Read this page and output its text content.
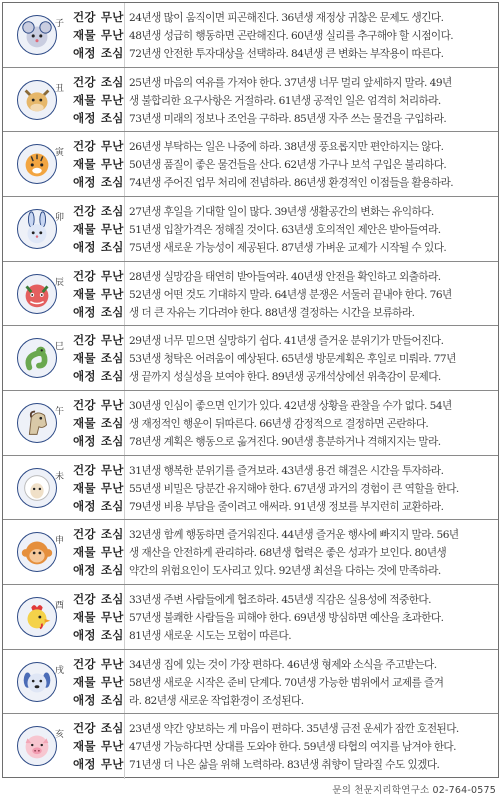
子 건강 무난
재물 무난
애정 조심
24년생 많이 움직이면 피곤해진다. 36년생 재정상 귀찮은 문제도 생긴다.
48년생 성급히 행동하면 곤란해진다. 60년생 실리를 추구해야 할 시점이다.
72년생 안전한 투자대상을 선택하라. 84년생 큰 변화는 부작용이 따른다.
丑 건강 조심
재물 무난
애정 조심
25년생 마음의 여유를 가져야 한다. 37년생 너무 멀리 앞세하지 말라. 49년
생 불합리한 요구사항은 거절하라. 61년생 공적인 일은 엄격히 처리하라.
73년생 미래의 정보나 조언을 구하라. 85년생 자주 쓰는 물건을 구입하라.
寅 건강 무난
재물 무난
애정 조심
26년생 부탁하는 일은 나중에 하라. 38년생 풍요롭지만 편안하지는 않다.
50년생 품질이 좋은 물건들을 산다. 62년생 가구나 보석 구입은 불리하다.
74년생 주어진 업무 처리에 전념하라. 86년생 환경적인 이점들을 활용하라.
卯 건강 조심
재물 무난
애정 조심
27년생 후일을 기대할 일이 많다. 39년생 생활공간의 변화는 유익하다.
51년생 입찰가격은 정해질 것이다. 63년생 호의적인 제안은 받아들여라.
75년생 새로운 가능성이 제공된다. 87년생 가벼운 교제가 시작될 수 있다.
辰 건강 무난
재물 무난
애정 조심
28년생 실망감을 태연히 받아들여라. 40년생 안전을 확인하고 외출하라.
52년생 어떤 것도 기대하지 말라. 64년생 분쟁은 서둘러 끝내야 한다. 76년
생 더 큰 자유는 기다려야 한다. 88년생 결정하는 시간을 보류하라.
巳 건강 무난
재물 조심
애정 조심
29년생 너무 믿으면 실망하기 쉽다. 41년생 즐거운 분위기가 만들어진다.
53년생 청탁은 어려움이 예상된다. 65년생 방문계획은 후일로 미뤄라. 77년
생 끝까지 성실성을 보여야 한다. 89년생 공개석상에선 위축감이 문제다.
午 건강 무난
재물 조심
애정 조심
30년생 인심이 좋으면 인기가 있다. 42년생 상황을 관찰을 수가 없다. 54년
생 재정적인 행운이 뒤따른다. 66년생 감정적으로 결정하면 곤란하다.
78년생 계획은 행동으로 옮겨진다. 90년생 흥분하거나 격해지지는 말라.
未 건강 무난
재물 무난
애정 조심
31년생 행복한 분위기를 즐겨보라. 43년생 용건 해결은 시간을 투자하라.
55년생 비밀은 당분간 유지해야 한다. 67년생 과거의 경험이 큰 역할을 한다.
79년생 비용 부담을 줄이려고 애써라. 91년생 정보를 부지런히 교환하라.
申 건강 조심
재물 무난
애정 조심
32년생 함께 행동하면 즐거워진다. 44년생 즐거운 행사에 빠지지 말라. 56년
생 재산을 안전하게 관리하라. 68년생 협력은 좋은 성과가 보인다. 80년생
약간의 위험요인이 도사리고 있다. 92년생 최선을 다하는 것에 만족하라.
酉 건강 조심
재물 무난
애정 조심
33년생 주변 사람들에게 협조하라. 45년생 직감은 실용성에 적중한다.
57년생 불쾌한 사람들을 피해야 한다. 69년생 방심하면 예산을 초과한다.
81년생 새로운 시도는 모험이 따른다.
戌 건강 무난
재물 무난
애정 조심
34년생 집에 있는 것이 가장 편하다. 46년생 형제와 소식을 주고받는다.
58년생 새로운 시작은 준비 단계다. 70년생 가능한 범위에서 교제를 즐겨
라. 82년생 새로운 작업환경이 조성된다.
亥 건강 조심
재물 무난
애정 무난
23년생 약간 양보하는 게 마음이 편하다. 35년생 금전 운세가 잠깐 호전된다.
47년생 가능하다면 상대를 도와야 한다. 59년생 타협의 여지를 남겨야 한다.
71년생 더 나은 삶을 위해 노력하라. 83년생 취향이 달라질 수도 있겠다.
문의 천문지리학연구소 02-764-0575
